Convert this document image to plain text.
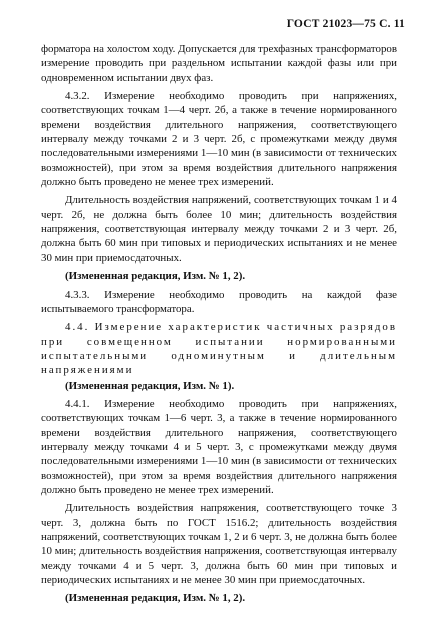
ГОСТ 21023—75 С. 11

форматора на холостом ходу. Допускается для трехфазных трансформаторов измерение проводить при раздельном испытании каждой фазы или при одновременном испытании двух фаз.

4.3.2. Измерение необходимо проводить при напряжениях, соответствующих точкам 1—4 черт. 2б, а также в течение нормированного времени воздействия длительного напряжения, соответствующего интервалу между точками 2 и 3 черт. 2б, с промежутками между двумя последовательными измерениями 1—10 мин (в зависимости от технических возможностей), при этом за время воздействия длительного напряжения должно быть проведено не менее трех измерений.

Длительность воздействия напряжений, соответствующих точкам 1 и 4 черт. 2б, не должна быть более 10 мин; длительность воздействия напряжения, соответствующая интервалу между точками 2 и 3 черт. 2б, должна быть 60 мин при типовых и периодических испытаниях и не менее 30 мин при приемосдаточных.

(Измененная редакция, Изм. № 1, 2).

4.3.3. Измерение необходимо проводить на каждой фазе испытываемого трансформатора.

4.4. Измерение характеристик частичных разрядов при совмещенном испытании нормированными испытательными одноминутным и длительным напряжениями

(Измененная редакция, Изм. № 1).

4.4.1. Измерение необходимо проводить при напряжениях, соответствующих точкам 1—6 черт. 3, а также в течение нормированного времени воздействия длительного напряжения, соответствующего интервалу между точками 4 и 5 черт. 3, с промежутками между двумя последовательными измерениями 1—10 мин (в зависимости от технических возможностей), при этом за время воздействия длительного напряжения должно быть проведено не менее трех измерений.

Длительность воздействия напряжения, соответствующего точке 3 черт. 3, должна быть по ГОСТ 1516.2; длительность воздействия напряжений, соответствующих точкам 1, 2 и 6 черт. 3, не должна быть более 10 мин; длительность воздействия напряжения, соответствующая интервалу между точками 4 и 5 черт. 3, должна быть 60 мин при типовых и периодических испытаниях и не менее 30 мин при приемосдаточных.

(Измененная редакция, Изм. № 1, 2).
